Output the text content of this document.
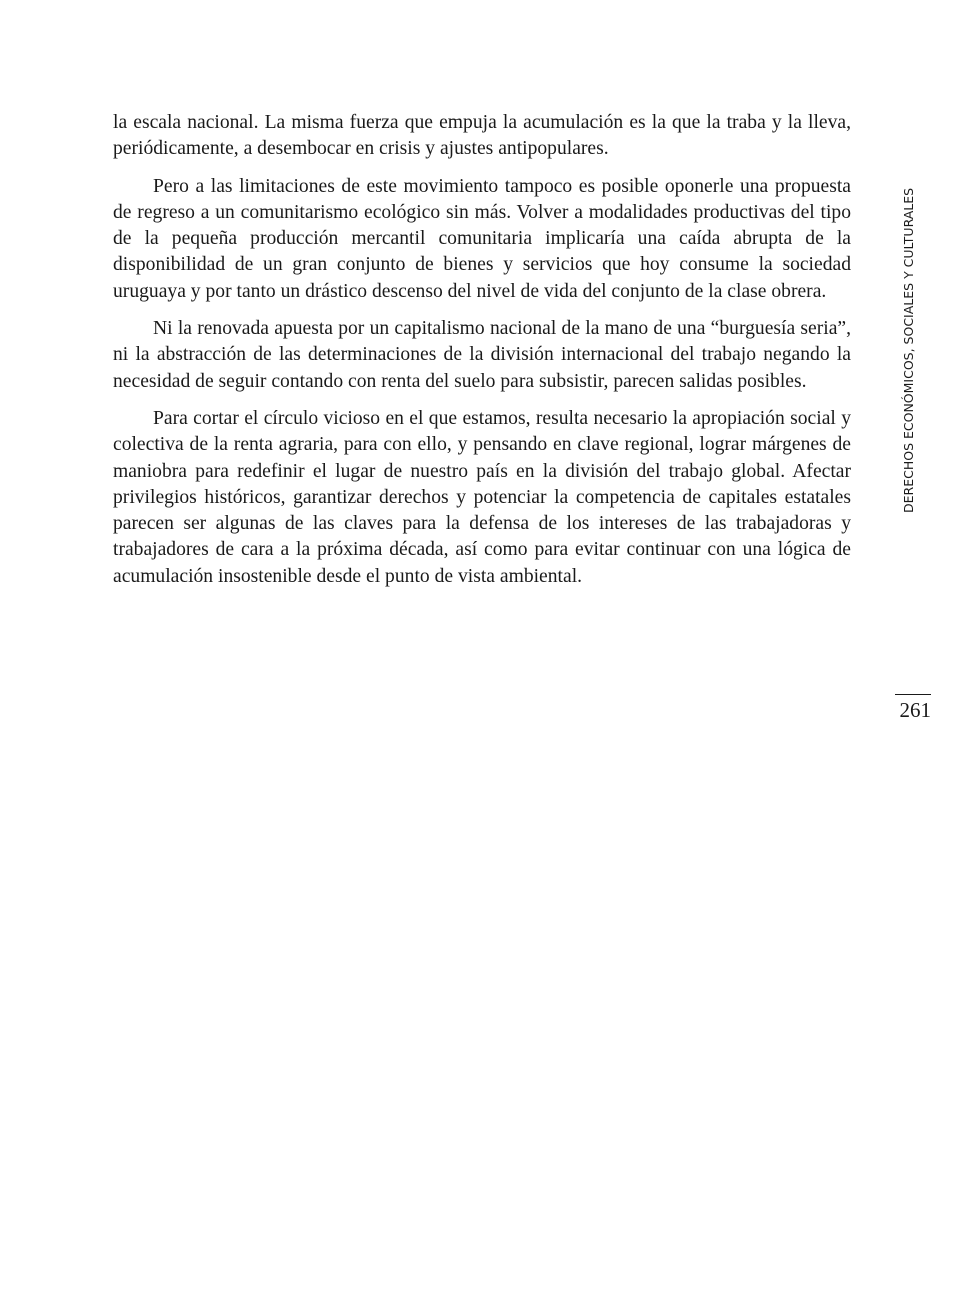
la escala nacional. La misma fuerza que empuja la acumulación es la que la traba y la lleva, periódicamente, a desembocar en crisis y ajustes antipopulares.

Pero a las limitaciones de este movimiento tampoco es posible oponerle una propuesta de regreso a un comunitarismo ecológico sin más. Volver a modalidades productivas del tipo de la pequeña producción mercantil comunitaria implicaría una caída abrupta de la disponibilidad de un gran conjunto de bienes y servicios que hoy consume la sociedad uruguaya y por tanto un drástico descenso del nivel de vida del conjunto de la clase obrera.

Ni la renovada apuesta por un capitalismo nacional de la mano de una “burguesía seria”, ni la abstracción de las determinaciones de la división internacional del trabajo negando la necesidad de seguir contando con renta del suelo para subsistir, parecen salidas posibles.

Para cortar el círculo vicioso en el que estamos, resulta necesario la apropiación social y colectiva de la renta agraria, para con ello, y pensando en clave regional, lograr márgenes de maniobra para redefinir el lugar de nuestro país en la división del trabajo global. Afectar privilegios históricos, garantizar derechos y potenciar la competencia de capitales estatales parecen ser algunas de las claves para la defensa de los intereses de las trabajadoras y trabajadores de cara a la próxima década, así como para evitar continuar con una lógica de acumulación insostenible desde el punto de vista ambiental.

DERECHOS ECONÓMICOS, SOCIALES Y CULTURALES
261
